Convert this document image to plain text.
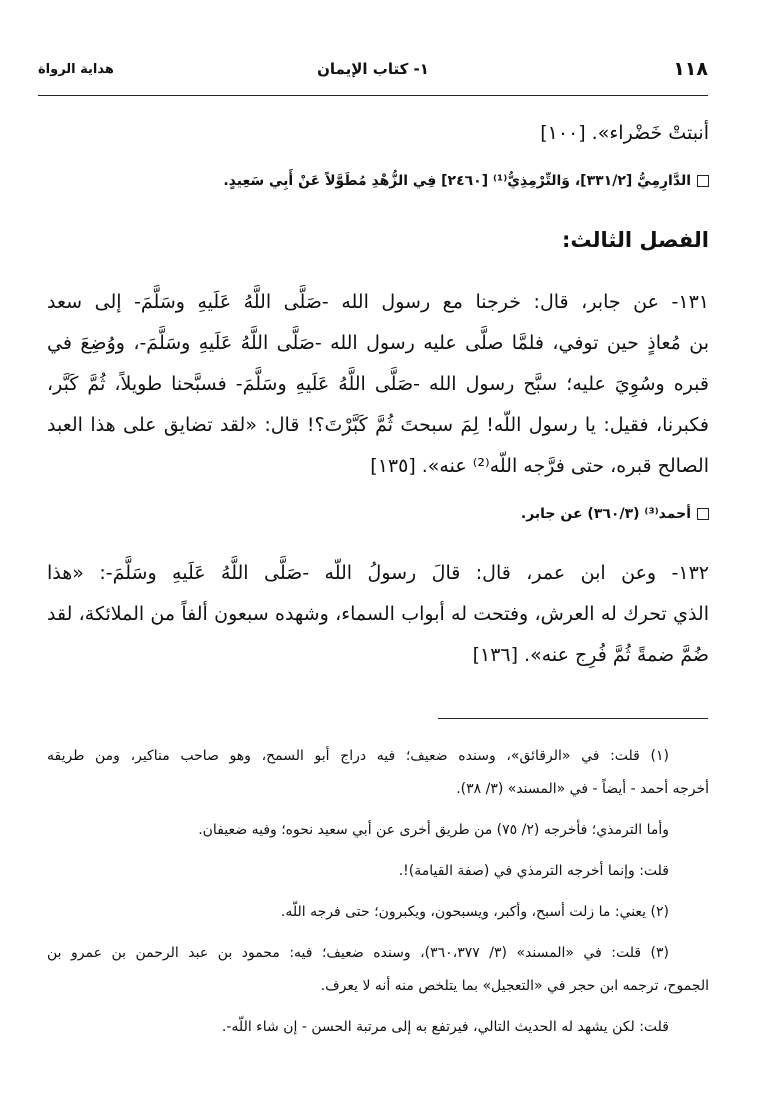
١١٨
١- كتاب الإيمان
هداية الرواة
أنبتتْ خَضْراء». [١٠٠]
الدَّارِمِيُّ [٣٣١/٢]، وَالتِّرْمِذِيُّ⁽¹⁾ [٢٤٦٠] فِي الزُّهْدِ مُطَوَّلاً عَنْ أَبِي سَعِيدٍ.
الفصل الثالث:
١٣١- عن جابر، قال: خرجنا مع رسول الله -صَلَّى اللَّهُ عَلَيهِ وسَلَّمَ- إلى سعد
بن مُعاذٍ حين توفي، فلمَّا صلَّى عليه رسول الله -صَلَّى اللَّهُ عَلَيهِ وسَلَّمَ-، ووُضِعَ في
قبره وسُوِيَ عليه؛ سبَّح رسول الله -صَلَّى اللَّهُ عَلَيهِ وسَلَّمَ- فسبَّحنا طويلاً، ثُمَّ كَبَّر،
فكبرنا، فقيل: يا رسول اللّه! لِمَ سبحتَ ثُمَّ كَبَّرْتَ؟! قال: «لقد تضايق على هذا العبد
الصالح قبره، حتى فرَّجه اللّه⁽²⁾ عنه». [١٣٥]
أحمد⁽³⁾ (٣٦٠/٣) عن جابر.
١٣٢- وعن ابن عمر، قال: قالَ رسولُ اللّه -صَلَّى اللَّهُ عَلَيهِ وسَلَّمَ-: «هذا
الذي تحرك له العرش، وفتحت له أبواب السماء، وشهده سبعون ألفاً من الملائكة، لقد
ضُمَّ ضمةً ثُمَّ فُرِج عنه». [١٣٦]
(١) قلت: في «الرقائق»، وسنده ضعيف؛ فيه دراج أبو السمح، وهو صاحب مناكير، ومن طريقه
أخرجه أحمد - أيضاً - في «المسند» (٣/ ٣٨).
وأما الترمذي؛ فأخرجه (٢/ ٧٥) من طريق أخرى عن أبي سعيد نحوه؛ وفيه ضعيفان.
قلت: وإنما أخرجه الترمذي في (صفة القيامة)!.
(٢) يعني: ما زلت أسبح، وأكبر، ويسبحون، ويكبرون؛ حتى فرجه اللّه.
(٣) قلت: في «المسند» (٣/ ٣٦٠،٣٧٧)، وسنده ضعيف؛ فيه: محمود بن عبد الرحمن بن عمرو بن
الجموح، ترجمه ابن حجر في «التعجيل» بما يتلخص منه أنه لا يعرف.
قلت: لكن يشهد له الحديث التالي، فيرتفع به إلى مرتبة الحسن - إن شاء اللّه-.
